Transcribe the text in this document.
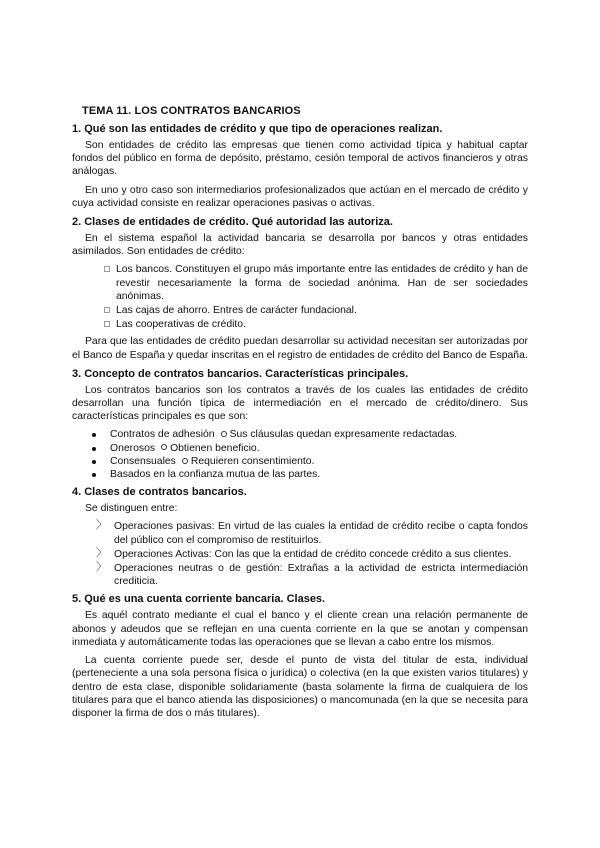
TEMA 11. LOS CONTRATOS BANCARIOS
1. Qué son las entidades de crédito y que tipo de operaciones realizan.

Son entidades de crédito las empresas que tienen como actividad típica y habitual captar fondos del público en forma de depósito, préstamo, cesión temporal de activos financieros y otras análogas.

En uno y otro caso son intermediarios profesionalizados que actúan en el mercado de crédito y cuya actividad consiste en realizar operaciones pasivas o activas.

2. Clases de entidades de crédito. Qué autoridad las autoriza.

En el sistema español la actividad bancaria se desarrolla por bancos y otras entidades asimilados. Son entidades de crédito:

Los bancos. Constituyen el grupo más importante entre las entidades de crédito y han de revestir necesariamente la forma de sociedad anónima. Han de ser sociedades anónimas.
Las cajas de ahorro. Entres de carácter fundacional.
Las cooperativas de crédito.

Para que las entidades de crédito puedan desarrollar su actividad necesitan ser autorizadas por el Banco de España y quedar inscritas en el registro de entidades de crédito del Banco de España.

3. Concepto de contratos bancarios. Características principales.

Los contratos bancarios son los contratos a través de los cuales las entidades de crédito desarrollan una función típica de intermediación en el mercado de crédito/dinero. Sus características principales es que son:

Contratos de adhesión Sus cláusulas quedan expresamente redactadas.
Onerosos Obtienen beneficio.
Consensuales Requieren consentimiento.
Basados en la confianza mutua de las partes.
4. Clases de contratos bancarios.

Se distinguen entre:

〉 Operaciones pasivas: En virtud de las cuales la entidad de crédito recibe o capta fondos del público con el compromiso de restituirlos.
〉 Operaciones Activas: Con las que la entidad de crédito concede crédito a sus clientes.
〉 Operaciones neutras o de gestión: Extrañas a la actividad de estricta intermediación crediticia.
5. Qué es una cuenta corriente bancaria. Clases.

Es aquél contrato mediante el cual el banco y el cliente crean una relación permanente de abonos y adeudos que se reflejan en una cuenta corriente en la que se anotan y compensan inmediata y automáticamente todas las operaciones que se llevan a cabo entre los mismos.

La cuenta corriente puede ser, desde el punto de vista del titular de esta, individual (perteneciente a una sola persona física o jurídica) o colectiva (en la que existen varios titulares) y dentro de esta clase, disponible solidariamente (basta solamente la firma de cualquiera de los titulares para que el banco atienda las disposiciones) o mancomunada (en la que se necesita para disponer la firma de dos o más titulares).
